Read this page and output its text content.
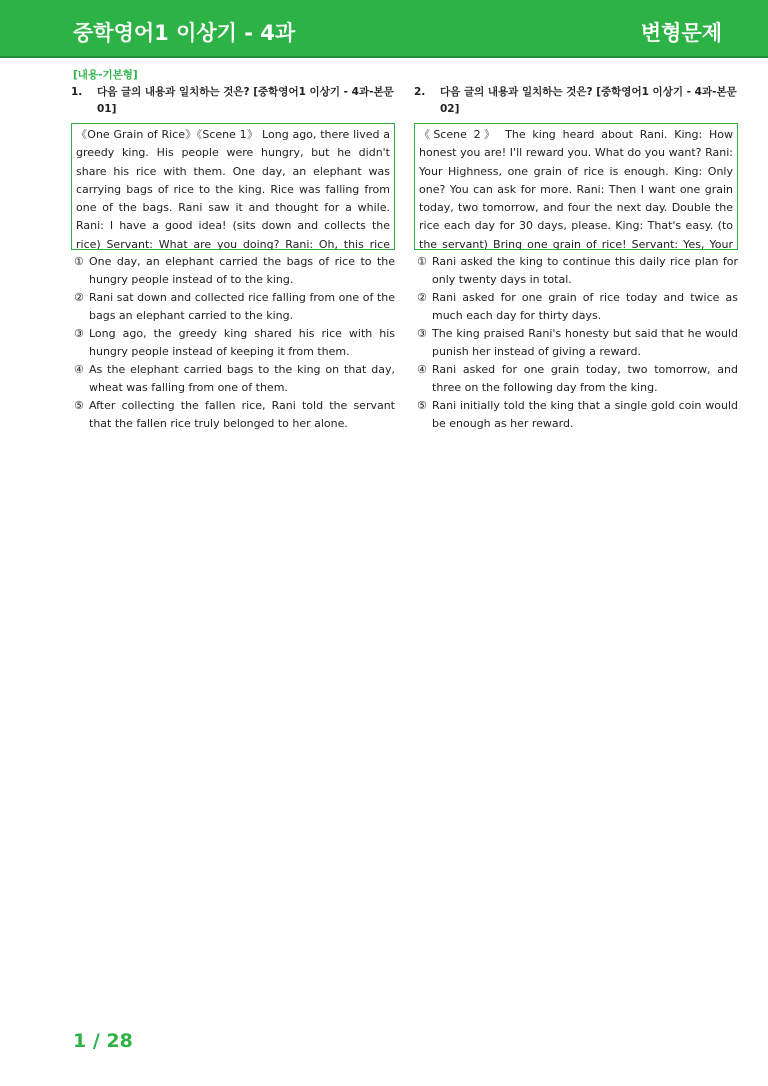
중학영어1 이상기 - 4과	변형문제
[내용-기본형]
1.	다음 글의 내용과 일치하는 것은? [중학영어1 이상기 - 4과-본문 01]
《One Grain of Rice》《Scene 1》 Long ago, there lived a greedy king. His people were hungry, but he didn't share his rice with them. One day, an elephant was carrying bags of rice to the king. Rice was falling from one of the bags. Rani saw it and thought for a while. Rani: I have a good idea! (sits down and collects the rice) Servant: What are you doing? Rani: Oh, this rice
① One day, an elephant carried the bags of rice to the hungry people instead of to the king.
② Rani sat down and collected rice falling from one of the bags an elephant carried to the king.
③ Long ago, the greedy king shared his rice with his hungry people instead of keeping it from them.
④ As the elephant carried bags to the king on that day, wheat was falling from one of them.
⑤ After collecting the fallen rice, Rani told the servant that the fallen rice truly belonged to her alone.
2.	다음 글의 내용과 일치하는 것은? [중학영어1 이상기 - 4과-본문 02]
《Scene 2》 The king heard about Rani. King: How honest you are! I'll reward you. What do you want? Rani: Your Highness, one grain of rice is enough. King: Only one? You can ask for more. Rani: Then I want one grain today, two tomorrow, and four the next day. Double the rice each day for 30 days, please. King: That's easy. (to the servant) Bring one grain of rice! Servant: Yes, Your
① Rani asked the king to continue this daily rice plan for only twenty days in total.
② Rani asked for one grain of rice today and twice as much each day for thirty days.
③ The king praised Rani's honesty but said that he would punish her instead of giving a reward.
④ Rani asked for one grain today, two tomorrow, and three on the following day from the king.
⑤ Rani initially told the king that a single gold coin would be enough as her reward.
1 / 28
